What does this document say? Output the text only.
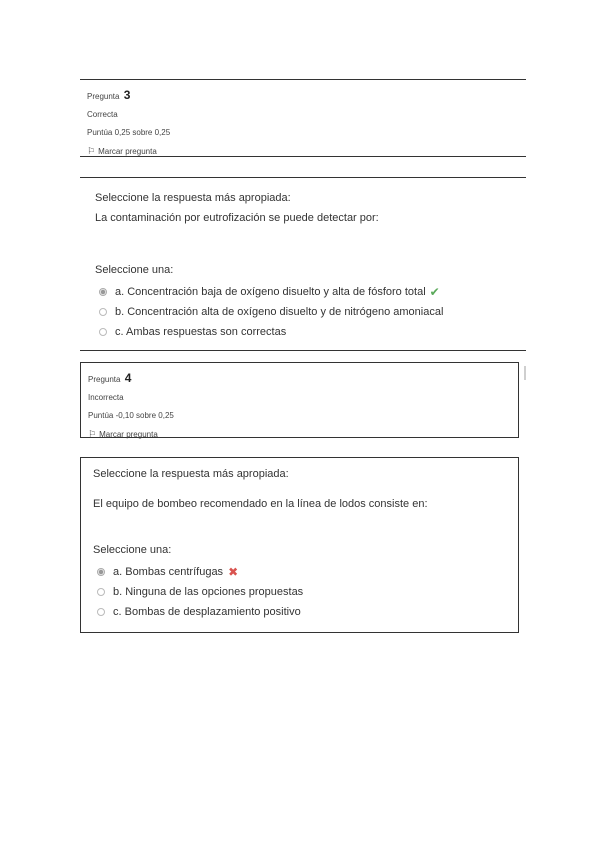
Pregunta 3
Correcta
Puntúa 0,25 sobre 0,25
⚐ Marcar pregunta
Seleccione la respuesta más apropiada:
La contaminación por eutrofización se puede detectar por:
Seleccione una:
a. Concentración baja de oxígeno disuelto y alta de fósforo total ✔
b. Concentración alta de oxígeno disuelto y de nitrógeno amoniacal
c. Ambas respuestas son correctas
Pregunta 4
Incorrecta
Puntúa -0,10 sobre 0,25
⚐ Marcar pregunta
Seleccione la respuesta más apropiada:
El equipo de bombeo recomendado en la línea de lodos consiste en:
Seleccione una:
a. Bombas centrífugas ✖
b. Ninguna de las opciones propuestas
c. Bombas de desplazamiento positivo
